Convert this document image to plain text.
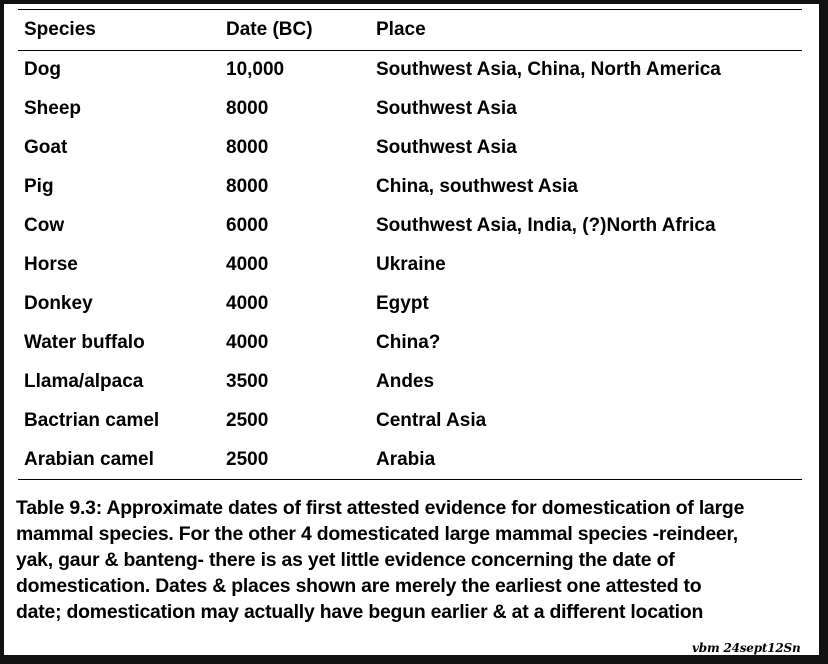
Species	Date (BC)	Place
Dog	10,000	Southwest Asia, China, North America
Sheep	8000	Southwest Asia
Goat	8000	Southwest Asia
Pig	8000	China, southwest Asia
Cow	6000	Southwest Asia, India, (?)North Africa
Horse	4000	Ukraine
Donkey	4000	Egypt
Water buffalo	4000	China?
Llama/alpaca	3500	Andes
Bactrian camel	2500	Central Asia
Arabian camel	2500	Arabia
Table 9.3: Approximate dates of first attested evidence for domestication of large
mammal species. For the other 4 domesticated large mammal species -reindeer,
yak, gaur & banteng- there is as yet little evidence concerning the date of
domestication. Dates & places shown are merely the earliest one attested to
date; domestication may actually have begun earlier & at a different location
vbm 24sept12Sn
